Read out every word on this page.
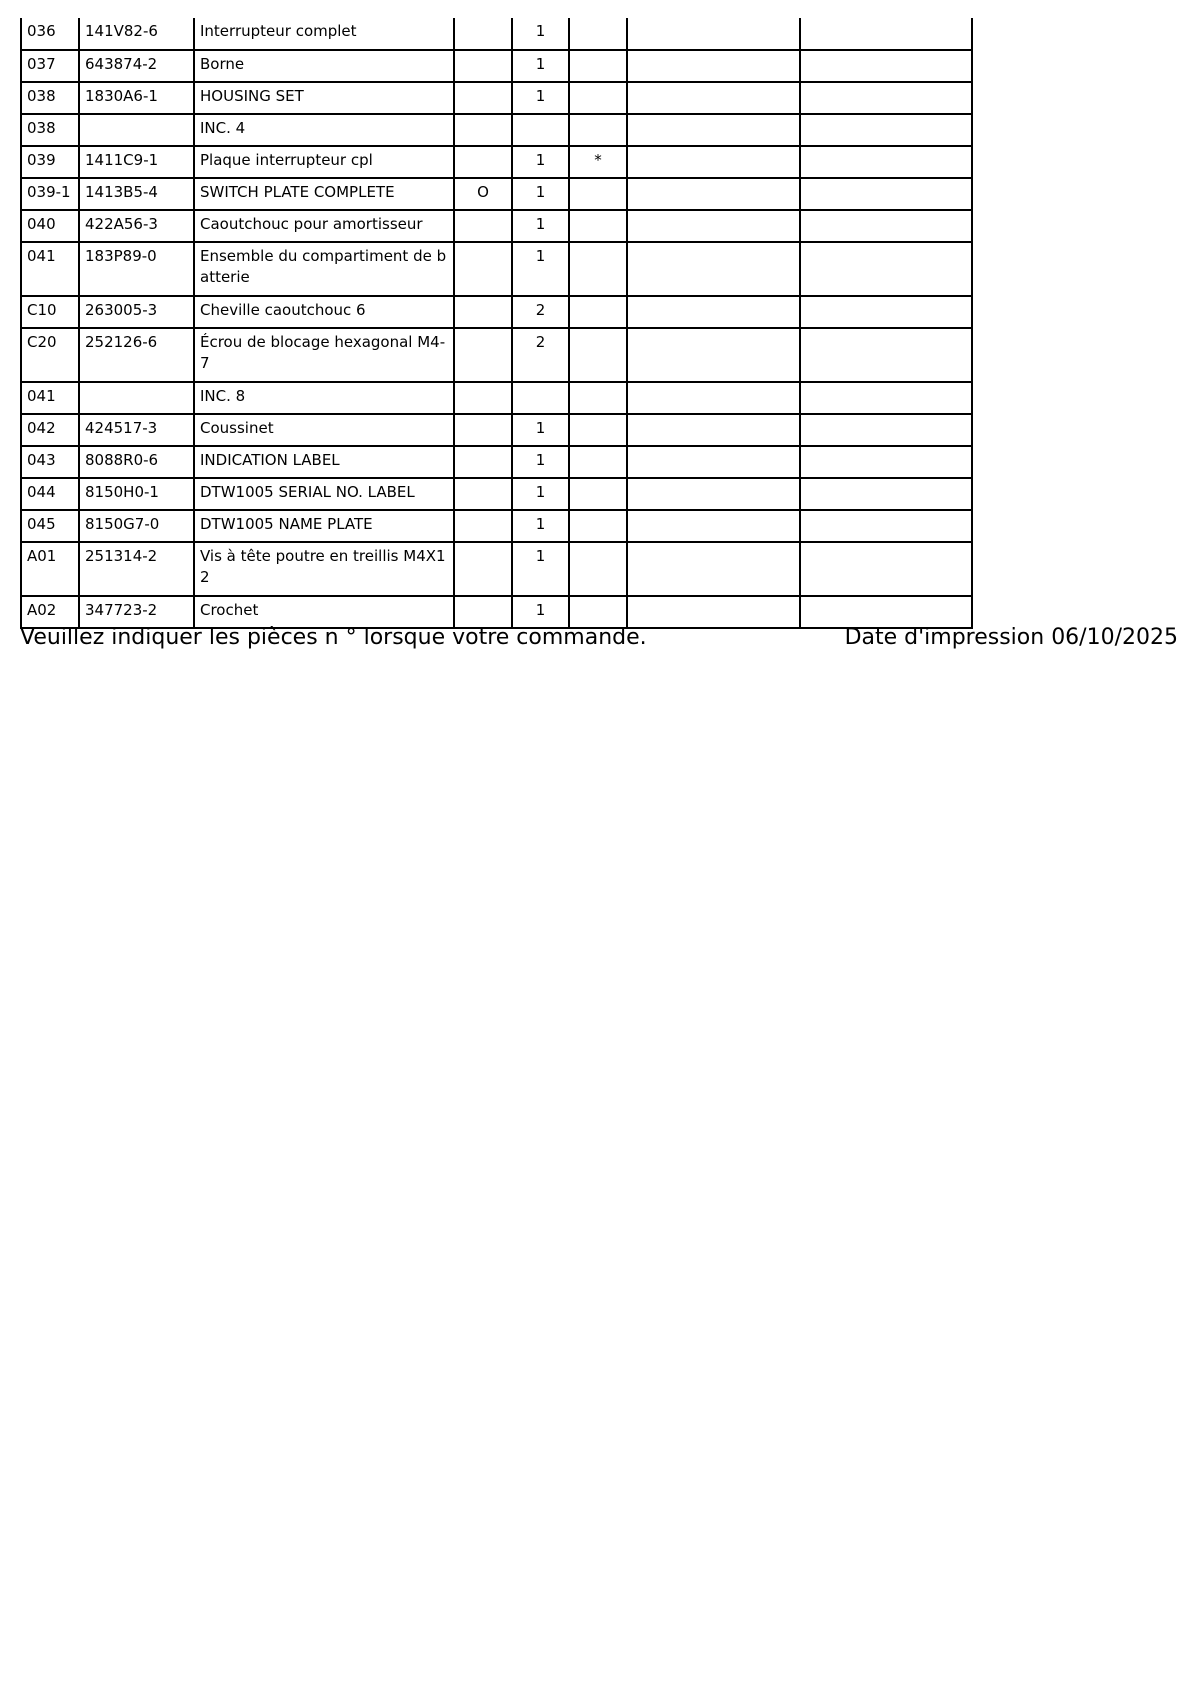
036	141V82-6	Interrupteur complet		1			
037	643874-2	Borne		1			
038	1830A6-1	HOUSING SET		1			
038		INC. 4					
039	1411C9-1	Plaque interrupteur cpl		1	*		
039-1	1413B5-4	SWITCH PLATE COMPLETE	O	1			
040	422A56-3	Caoutchouc pour amortisseur		1			
041	183P89-0	Ensemble du compartiment de batterie		1			
C10	263005-3	Cheville caoutchouc 6		2			
C20	252126-6	Écrou de blocage hexagonal M4-7		2			
041		INC. 8					
042	424517-3	Coussinet		1			
043	8088R0-6	INDICATION LABEL		1			
044	8150H0-1	DTW1005 SERIAL NO. LABEL		1			
045	8150G7-0	DTW1005 NAME PLATE		1			
A01	251314-2	Vis à tête poutre en treillis M4X12		1			
A02	347723-2	Crochet		1			
Veuillez indiquer les pièces n ° lorsque votre commande.	Date d'impression 06/10/2025
